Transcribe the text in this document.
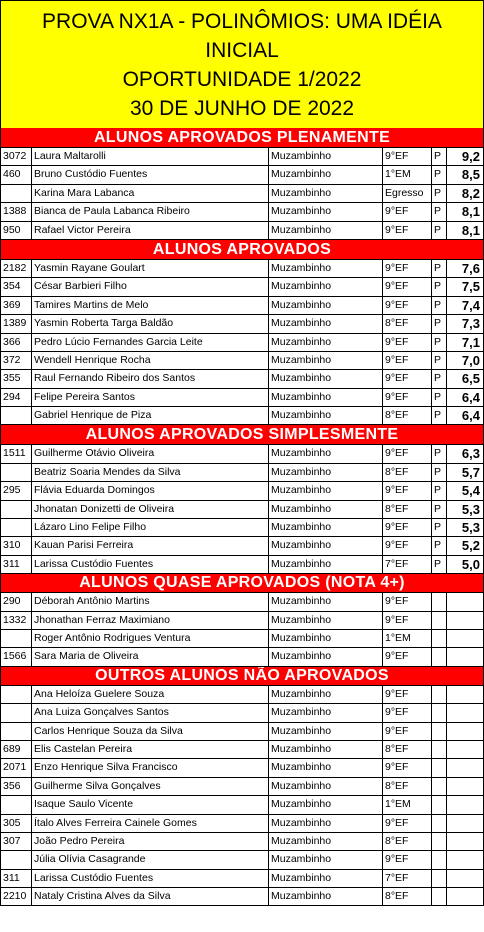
PROVA NX1A - POLINÔMIOS: UMA IDÉIA
INICIAL
OPORTUNIDADE 1/2022
30 DE JUNHO DE 2022
ALUNOS APROVADOS PLENAMENTE
3072 Laura Maltarolli	Muzambinho	9°EF	P	9,2
460	Bruno Custódio Fuentes	Muzambinho	1°EM	P	8,5
Karina Mara Labanca	Muzambinho	Egresso P	8,2
1388 Bianca de Paula Labanca Ribeiro	Muzambinho	9°EF	P	8,1
950	Rafael Victor Pereira	Muzambinho	9°EF	P	8,1
ALUNOS APROVADOS
2182 Yasmin Rayane Goulart	Muzambinho	9°EF	P	7,6
354	César Barbieri Filho	Muzambinho	9°EF	P	7,5
369	Tamires Martins de Melo	Muzambinho	9°EF	P	7,4
1389 Yasmin Roberta Targa Baldão	Muzambinho	8°EF	P	7,3
366	Pedro Lúcio Fernandes Garcia Leite	Muzambinho	9°EF	P	7,1
372	Wendell Henrique Rocha	Muzambinho	9°EF	P	7,0
355	Raul Fernando Ribeiro dos Santos	Muzambinho	9°EF	P	6,5
294	Felipe Pereira Santos	Muzambinho	9°EF	P	6,4
Gabriel Henrique de Piza	Muzambinho	8°EF	P	6,4
ALUNOS APROVADOS SIMPLESMENTE
1511 Guilherme Otávio Oliveira	Muzambinho	9°EF	P	6,3
Beatriz Soaria Mendes da Silva	Muzambinho	8°EF	P	5,7
295	Flávia Eduarda Domingos	Muzambinho	9°EF	P	5,4
Jhonatan Donizetti de Oliveira	Muzambinho	8°EF	P	5,3
Lázaro Lino Felipe Filho	Muzambinho	9°EF	P	5,3
310	Kauan Parisi Ferreira	Muzambinho	9°EF	P	5,2
311	Larissa Custódio Fuentes	Muzambinho	7°EF	P	5,0
ALUNOS QUASE APROVADOS (NOTA 4+)
290	Déborah Antônio Martins	Muzambinho	9°EF
1332 Jhonathan Ferraz Maximiano	Muzambinho	9°EF
Roger Antônio Rodrigues Ventura	Muzambinho	1°EM
1566 Sara Maria de Oliveira	Muzambinho	9°EF
OUTROS ALUNOS NÃO APROVADOS
Ana Heloíza Guelere Souza	Muzambinho	9°EF
Ana Luiza Gonçalves Santos	Muzambinho	9°EF
Carlos Henrique Souza da Silva	Muzambinho	9°EF
689	Elis Castelan Pereira	Muzambinho	8°EF
2071 Enzo Henrique Silva Francisco	Muzambinho	9°EF
356	Guilherme Silva Gonçalves	Muzambinho	8°EF
Isaque Saulo Vicente	Muzambinho	1°EM
305	Ítalo Alves Ferreira Cainele Gomes	Muzambinho	9°EF
307	João Pedro Pereira	Muzambinho	8°EF
Júlia Olívia Casagrande	Muzambinho	9°EF
311	Larissa Custódio Fuentes	Muzambinho	7°EF
2210 Nataly Cristina Alves da Silva	Muzambinho	8°EF
